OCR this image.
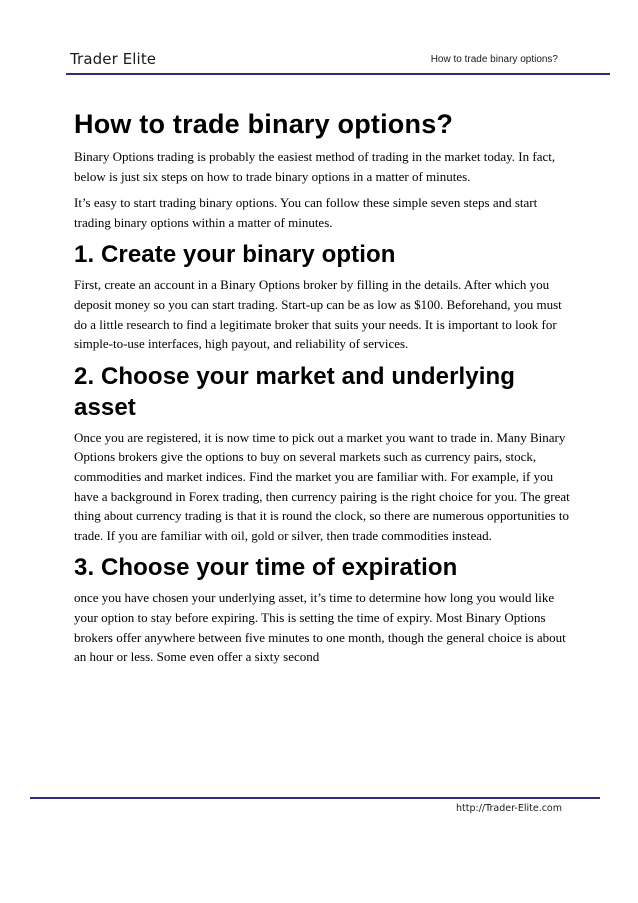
Trader Elite	How to trade binary options?
How to trade binary options?

Binary Options trading is probably the easiest method of trading in the market today. In fact, below is just six steps on how to trade binary options in a matter of minutes.

It’s easy to start trading binary options. You can follow these simple seven steps and start trading binary options within a matter of minutes.

1. Create your binary option

First, create an account in a Binary Options broker by filling in the details. After which you deposit money so you can start trading. Start-up can be as low as $100. Beforehand, you must do a little research to find a legitimate broker that suits your needs. It is important to look for simple-to-use interfaces, high payout, and reliability of services.

2. Choose your market and underlying asset

Once you are registered, it is now time to pick out a market you want to trade in. Many Binary Options brokers give the options to buy on several markets such as currency pairs, stock, commodities and market indices. Find the market you are familiar with. For example, if you have a background in Forex trading, then currency pairing is the right choice for you. The great thing about currency trading is that it is round the clock, so there are numerous opportunities to trade. If you are familiar with oil, gold or silver, then trade commodities instead.

3. Choose your time of expiration

once you have chosen your underlying asset, it’s time to determine how long you would like your option to stay before expiring. This is setting the time of expiry. Most Binary Options brokers offer anywhere between five minutes to one month, though the general choice is about an hour or less. Some even offer a sixty second

http://Trader-Elite.com
